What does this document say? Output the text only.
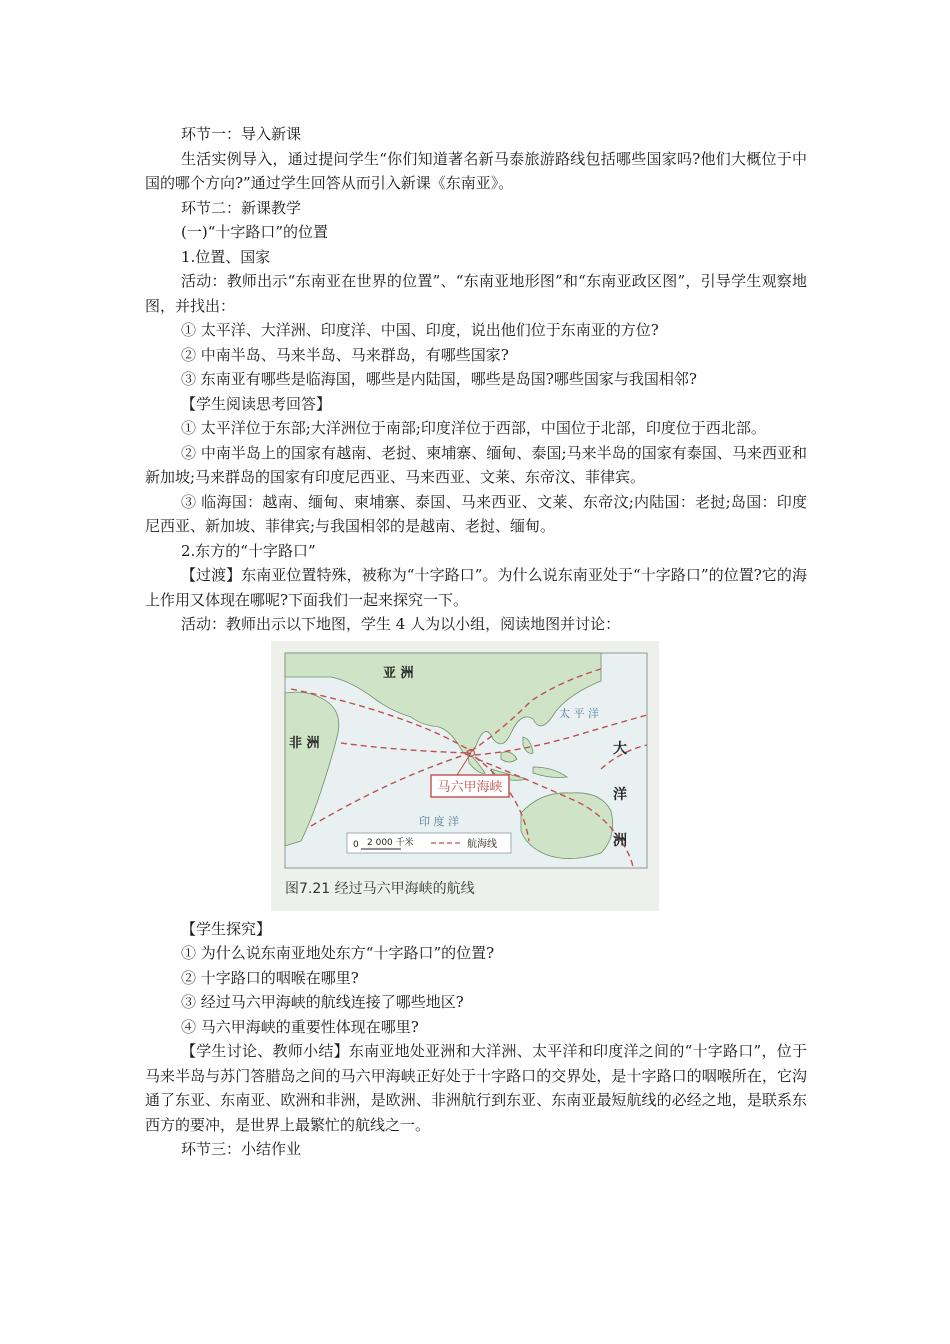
环节一：导入新课

生活实例导入，通过提问学生“你们知道著名新马泰旅游路线包括哪些国家吗?他们大概位于中国的哪个方向?”通过学生回答从而引入新课《东南亚》。

环节二：新课教学

(一)“十字路口”的位置

1.位置、国家

活动：教师出示“东南亚在世界的位置”、“东南亚地形图”和“东南亚政区图”，引导学生观察地图，并找出：

① 太平洋、大洋洲、印度洋、中国、印度，说出他们位于东南亚的方位?

② 中南半岛、马来半岛、马来群岛，有哪些国家?

③ 东南亚有哪些是临海国，哪些是内陆国，哪些是岛国?哪些国家与我国相邻?

【学生阅读思考回答】

① 太平洋位于东部;大洋洲位于南部;印度洋位于西部，中国位于北部，印度位于西北部。

② 中南半岛上的国家有越南、老挝、柬埔寨、缅甸、泰国;马来半岛的国家有泰国、马来西亚和新加坡;马来群岛的国家有印度尼西亚、马来西亚、文莱、东帝汶、菲律宾。

③ 临海国：越南、缅甸、柬埔寨、泰国、马来西亚、文莱、东帝汶;内陆国：老挝;岛国：印度尼西亚、新加坡、菲律宾;与我国相邻的是越南、老挝、缅甸。

2.东方的“十字路口”

【过渡】东南亚位置特殊，被称为“十字路口”。为什么说东南亚处于“十字路口”的位置?它的海上作用又体现在哪呢?下面我们一起来探究一下。

活动：教师出示以下地图，学生 4 人为以小组，阅读地图并讨论：

马六甲海峡
亚 洲
非 洲
太 平 洋
印 度 洋
大
洋
洲
0 2 000 千米	航海线
图7.21 经过马六甲海峡的航线

【学生探究】

① 为什么说东南亚地处东方“十字路口”的位置?

② 十字路口的咽喉在哪里?

③ 经过马六甲海峡的航线连接了哪些地区?

④ 马六甲海峡的重要性体现在哪里?

【学生讨论、教师小结】东南亚地处亚洲和大洋洲、太平洋和印度洋之间的“十字路口”，位于马来半岛与苏门答腊岛之间的马六甲海峡正好处于十字路口的交界处，是十字路口的咽喉所在，它沟通了东亚、东南亚、欧洲和非洲，是欧洲、非洲航行到东亚、东南亚最短航线的必经之地，是联系东西方的要冲，是世界上最繁忙的航线之一。

环节三：小结作业
